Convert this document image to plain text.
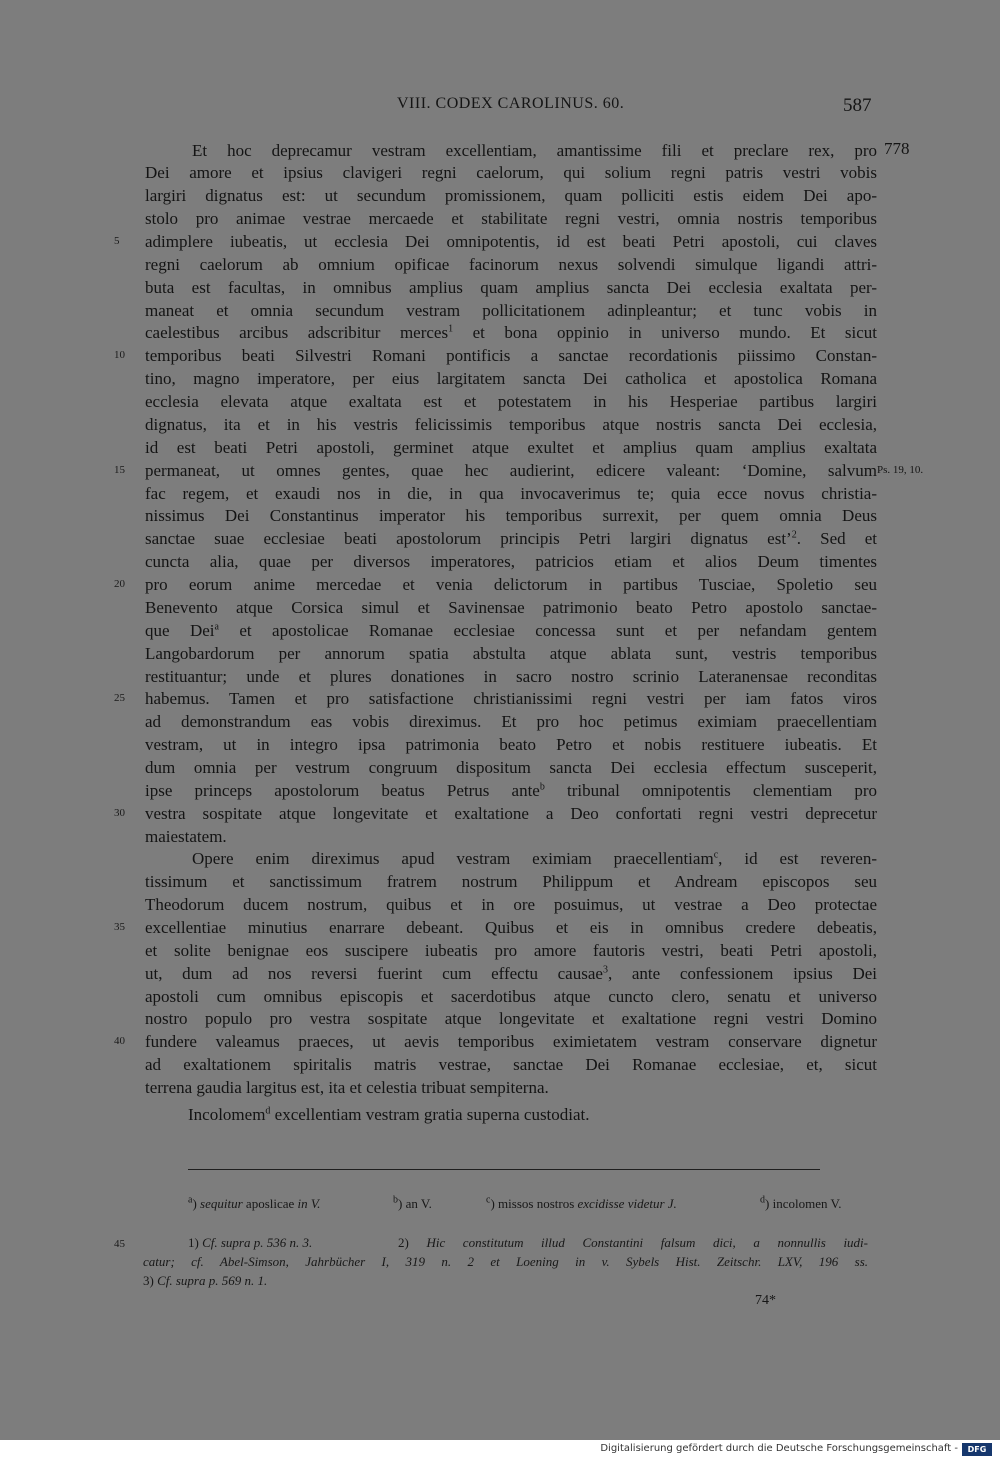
VIII. CODEX CAROLINUS. 60.	587
Et hoc deprecamur vestram excellentiam, amantissime fili et preclare rex, pro 778
Dei amore et ipsius clavigeri regni caelorum, qui solium regni patris vestri vobis
largiri dignatus est: ut secundum promissionem, quam polliciti estis eidem Dei apo-
stolo pro animae vestrae mercaede et stabilitate regni vestri, omnia nostris temporibus
5	adimplere iubeatis, ut ecclesia Dei omnipotentis, id est beati Petri apostoli, cui claves
regni caelorum ab omnium opificae facinorum nexus solvendi simulque ligandi attri-
buta est facultas, in omnibus amplius quam amplius sancta Dei ecclesia exaltata per-
maneat et omnia secundum vestram pollicitationem adinpleantur; et tunc vobis in
caelestibus arcibus adscribitur merces$^1$ et bona oppinio in universo mundo. Et sicut
10	temporibus beati Silvestri Romani pontificis a sanctae recordationis piissimo Constan-
tino, magno imperatore, per eius largitatem sancta Dei catholica et apostolica Romana
ecclesia elevata atque exaltata est et potestatem in his Hesperiae partibus largiri
dignatus, ita et in his vestris felicissimis temporibus atque nostris sancta Dei ecclesia,
id est beati Petri apostoli, germinet atque exultet et amplius quam amplius exaltata
15	permaneat, ut omnes gentes, quae hec audierint, edicere valeant: ‘Domine, salvum Ps. 19, 10.
fac regem, et exaudi nos in die, in qua invocaverimus te; quia ecce novus christia-
nissimus Dei Constantinus imperator his temporibus surrexit, per quem omnia Deus
sanctae suae ecclesiae beati apostolorum principis Petri largiri dignatus est’$^2$. Sed et
cuncta alia, quae per diversos imperatores, patricios etiam et alios Deum timentes
20	pro eorum anime mercedae et venia delictorum in partibus Tusciae, Spoletio seu
Benevento atque Corsica simul et Savinensae patrimonio beato Petro apostolo sanctae-
que Dei$^a$ et apostolicae Romanae ecclesiae concessa sunt et per nefandam gentem
Langobardorum per annorum spatia abstulta atque ablata sunt, vestris temporibus
restituantur; unde et plures donationes in sacro nostro scrinio Lateranensae reconditas
25	habemus. Tamen et pro satisfactione christianissimi regni vestri per iam fatos viros
ad demonstrandum eas vobis direximus. Et pro hoc petimus eximiam praecellentiam
vestram, ut in integro ipsa patrimonia beato Petro et nobis restituere iubeatis. Et
dum omnia per vestrum congruum dispositum sancta Dei ecclesia effectum susceperit,
ipse princeps apostolorum beatus Petrus ante$^b$ tribunal omnipotentis clementiam pro
30	vestra sospitate atque longevitate et exaltatione a Deo confortati regni vestri deprecetur
maiestatem.
Opere enim direximus apud vestram eximiam praecellentiam$^c$, id est reveren-
tissimum et sanctissimum fratrem nostrum Philippum et Andream episcopos seu
Theodorum ducem nostrum, quibus et in ore posuimus, ut vestrae a Deo protectae
35	excellentiae minutius enarrare debeant. Quibus et eis in omnibus credere debeatis,
et solite benignae eos suscipere iubeatis pro amore fautoris vestri, beati Petri apostoli,
ut, dum ad nos reversi fuerint cum effectu causae$^3$, ante confessionem ipsius Dei
apostoli cum omnibus episcopis et sacerdotibus atque cuncto clero, senatu et universo
nostro populo pro vestra sospitate atque longevitate et exaltatione regni vestri Domino
40	fundere valeamus praeces, ut aevis temporibus eximietatem vestram conservare dignetur
ad exaltationem spiritalis matris vestrae, sanctae Dei Romanae ecclesiae, et, sicut
terrena gaudia largitus est, ita et celestia tribuat sempiterna.
Incolomem$^d$ excellentiam vestram gratia superna custodiat.
$^a$) sequitur aposlicae in V.	$^b$) an V.	$^c$) missos nostros excidisse videtur J.	$^d$) incolomen V.
45	1) Cf. supra p. 536 n. 3.	2) Hic constitutum illud Constantini falsum dici, a nonnullis iudi-
catur; cf. Abel-Simson, Jahrbücher I, 319 n. 2 et Loening in v. Sybels Hist. Zeitschr. LXV, 196 ss.
3) Cf. supra p. 569 n. 1.
74*
Digitalisierung gefördert durch die Deutsche Forschungsgemeinschaft -	DFG
